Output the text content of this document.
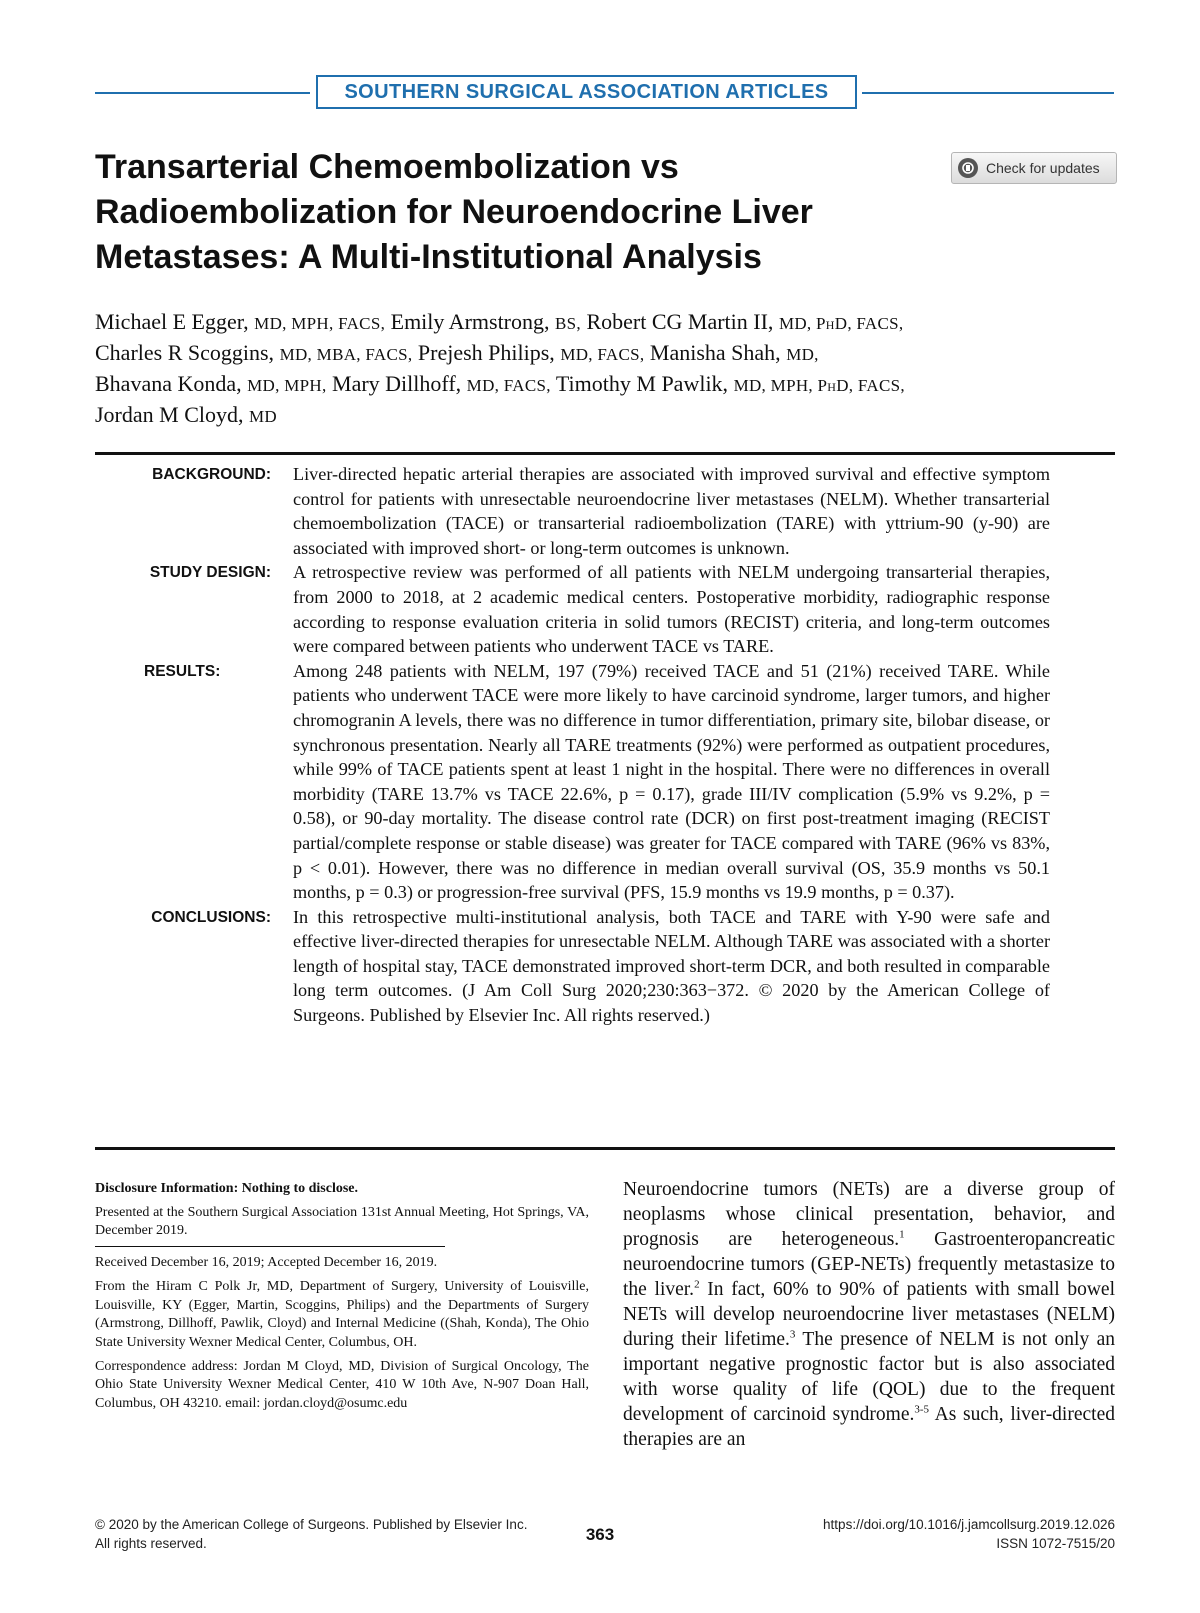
SOUTHERN SURGICAL ASSOCIATION ARTICLES
Transarterial Chemoembolization vs Radioembolization for Neuroendocrine Liver Metastases: A Multi-Institutional Analysis
Check for updates
Michael E Egger, MD, MPH, FACS, Emily Armstrong, BS, Robert CG Martin II, MD, PhD, FACS,
Charles R Scoggins, MD, MBA, FACS, Prejesh Philips, MD, FACS, Manisha Shah, MD,
Bhavana Konda, MD, MPH, Mary Dillhoff, MD, FACS, Timothy M Pawlik, MD, MPH, PhD, FACS,
Jordan M Cloyd, MD
BACKGROUND:	Liver-directed hepatic arterial therapies are associated with improved survival and effective symptom control for patients with unresectable neuroendocrine liver metastases (NELM). Whether transarterial chemoembolization (TACE) or transarterial radioembolization (TARE) with yttrium-90 (y-90) are associated with improved short- or long-term outcomes is unknown.
STUDY DESIGN:	A retrospective review was performed of all patients with NELM undergoing transarterial therapies, from 2000 to 2018, at 2 academic medical centers. Postoperative morbidity, radiographic response according to response evaluation criteria in solid tumors (RECIST) criteria, and long-term outcomes were compared between patients who underwent TACE vs TARE.
RESULTS:	Among 248 patients with NELM, 197 (79%) received TACE and 51 (21%) received TARE. While patients who underwent TACE were more likely to have carcinoid syndrome, larger tumors, and higher chromogranin A levels, there was no difference in tumor differentiation, primary site, bilobar disease, or synchronous presentation. Nearly all TARE treatments (92%) were performed as outpatient procedures, while 99% of TACE patients spent at least 1 night in the hospital. There were no differences in overall morbidity (TARE 13.7% vs TACE 22.6%, p = 0.17), grade III/IV complication (5.9% vs 9.2%, p = 0.58), or 90-day mortality. The disease control rate (DCR) on first post-treatment imaging (RECIST partial/complete response or stable disease) was greater for TACE compared with TARE (96% vs 83%, p < 0.01). However, there was no difference in median overall survival (OS, 35.9 months vs 50.1 months, p = 0.3) or progression-free survival (PFS, 15.9 months vs 19.9 months, p = 0.37).
CONCLUSIONS:	In this retrospective multi-institutional analysis, both TACE and TARE with Y-90 were safe and effective liver-directed therapies for unresectable NELM. Although TARE was associated with a shorter length of hospital stay, TACE demonstrated improved short-term DCR, and both resulted in comparable long term outcomes. (J Am Coll Surg 2020;230:363−372. © 2020 by the American College of Surgeons. Published by Elsevier Inc. All rights reserved.)

Disclosure Information: Nothing to disclose.

Presented at the Southern Surgical Association 131st Annual Meeting, Hot Springs, VA, December 2019.

Received December 16, 2019; Accepted December 16, 2019.

From the Hiram C Polk Jr, MD, Department of Surgery, University of Louisville, Louisville, KY (Egger, Martin, Scoggins, Philips) and the Departments of Surgery (Armstrong, Dillhoff, Pawlik, Cloyd) and Internal Medicine ((Shah, Konda), The Ohio State University Wexner Medical Center, Columbus, OH.

Correspondence address: Jordan M Cloyd, MD, Division of Surgical Oncology, The Ohio State University Wexner Medical Center, 410 W 10th Ave, N-907 Doan Hall, Columbus, OH 43210. email: jordan.cloyd@osumc.edu

Neuroendocrine tumors (NETs) are a diverse group of neoplasms whose clinical presentation, behavior, and prognosis are heterogeneous.$^1$ Gastroenteropancreatic neuroendocrine tumors (GEP-NETs) frequently metastasize to the liver.$^2$ In fact, 60% to 90% of patients with small bowel NETs will develop neuroendocrine liver metastases (NELM) during their lifetime.$^3$ The presence of NELM is not only an important negative prognostic factor but is also associated with worse quality of life (QOL) due to the frequent development of carcinoid syndrome.$^{3-5}$ As such, liver-directed therapies are an
© 2020 by the American College of Surgeons. Published by Elsevier Inc.
All rights reserved.	363
https://doi.org/10.1016/j.jamcollsurg.2019.12.026
ISSN 1072-7515/20
